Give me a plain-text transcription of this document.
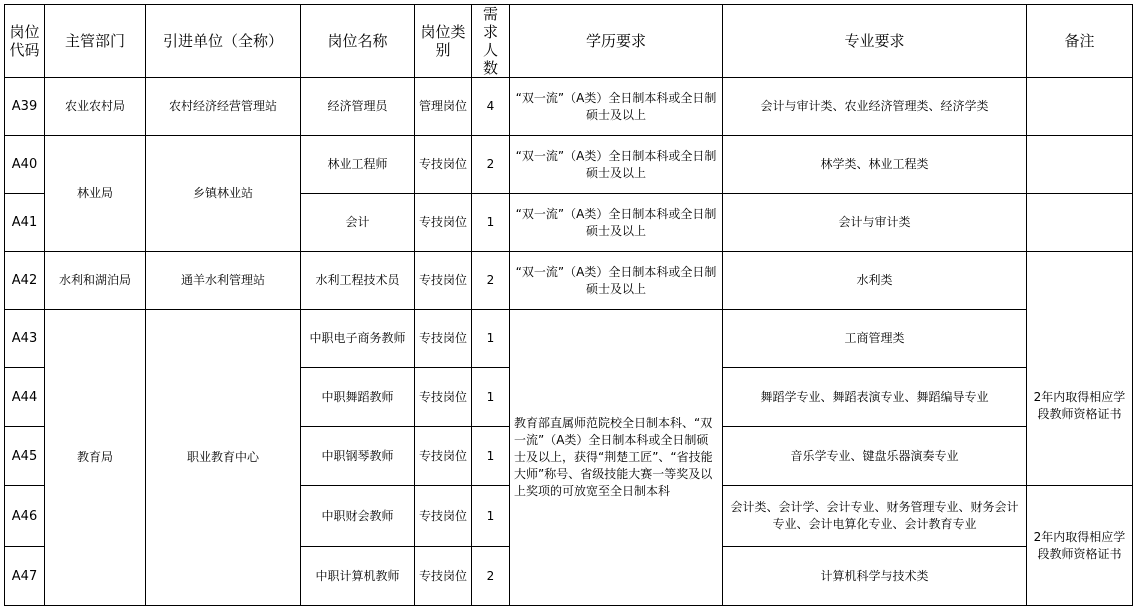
岗位代码	主管部门	引进单位（全称）	岗位名称	岗位类别	需求人数	学历要求	专业要求	备注
A39	农业农村局	农村经济经营管理站	经济管理员	管理岗位	4	“双一流”（A类）全日制本科或全日制硕士及以上	会计与审计类、农业经济管理类、经济学类	
A40	林业局	乡镇林业站	林业工程师	专技岗位	2	“双一流”（A类）全日制本科或全日制硕士及以上	林学类、林业工程类	
A41			会计	专技岗位	1	“双一流”（A类）全日制本科或全日制硕士及以上	会计与审计类	
A42	水利和湖泊局	通羊水利管理站	水利工程技术员	专技岗位	2	“双一流”（A类）全日制本科或全日制硕士及以上	水利类	2年内取得相应学段教师资格证书
A43	教育局	职业教育中心	中职电子商务教师	专技岗位	1	教育部直属师范院校全日制本科、“双一流”（A类）全日制本科或全日制硕士及以上，获得“荆楚工匠”、“省技能大师”称号、省级技能大赛一等奖及以上奖项的可放宽至全日制本科	工商管理类	
A44			中职舞蹈教师	专技岗位	1		舞蹈学专业、舞蹈表演专业、舞蹈编导专业	
A45			中职钢琴教师	专技岗位	1		音乐学专业、键盘乐器演奏专业	
A46			中职财会教师	专技岗位	1		会计类、会计学、会计专业、财务管理专业、财务会计专业、会计电算化专业、会计教育专业	2年内取得相应学段教师资格证书
A47			中职计算机教师	专技岗位	2		计算机科学与技术类	
